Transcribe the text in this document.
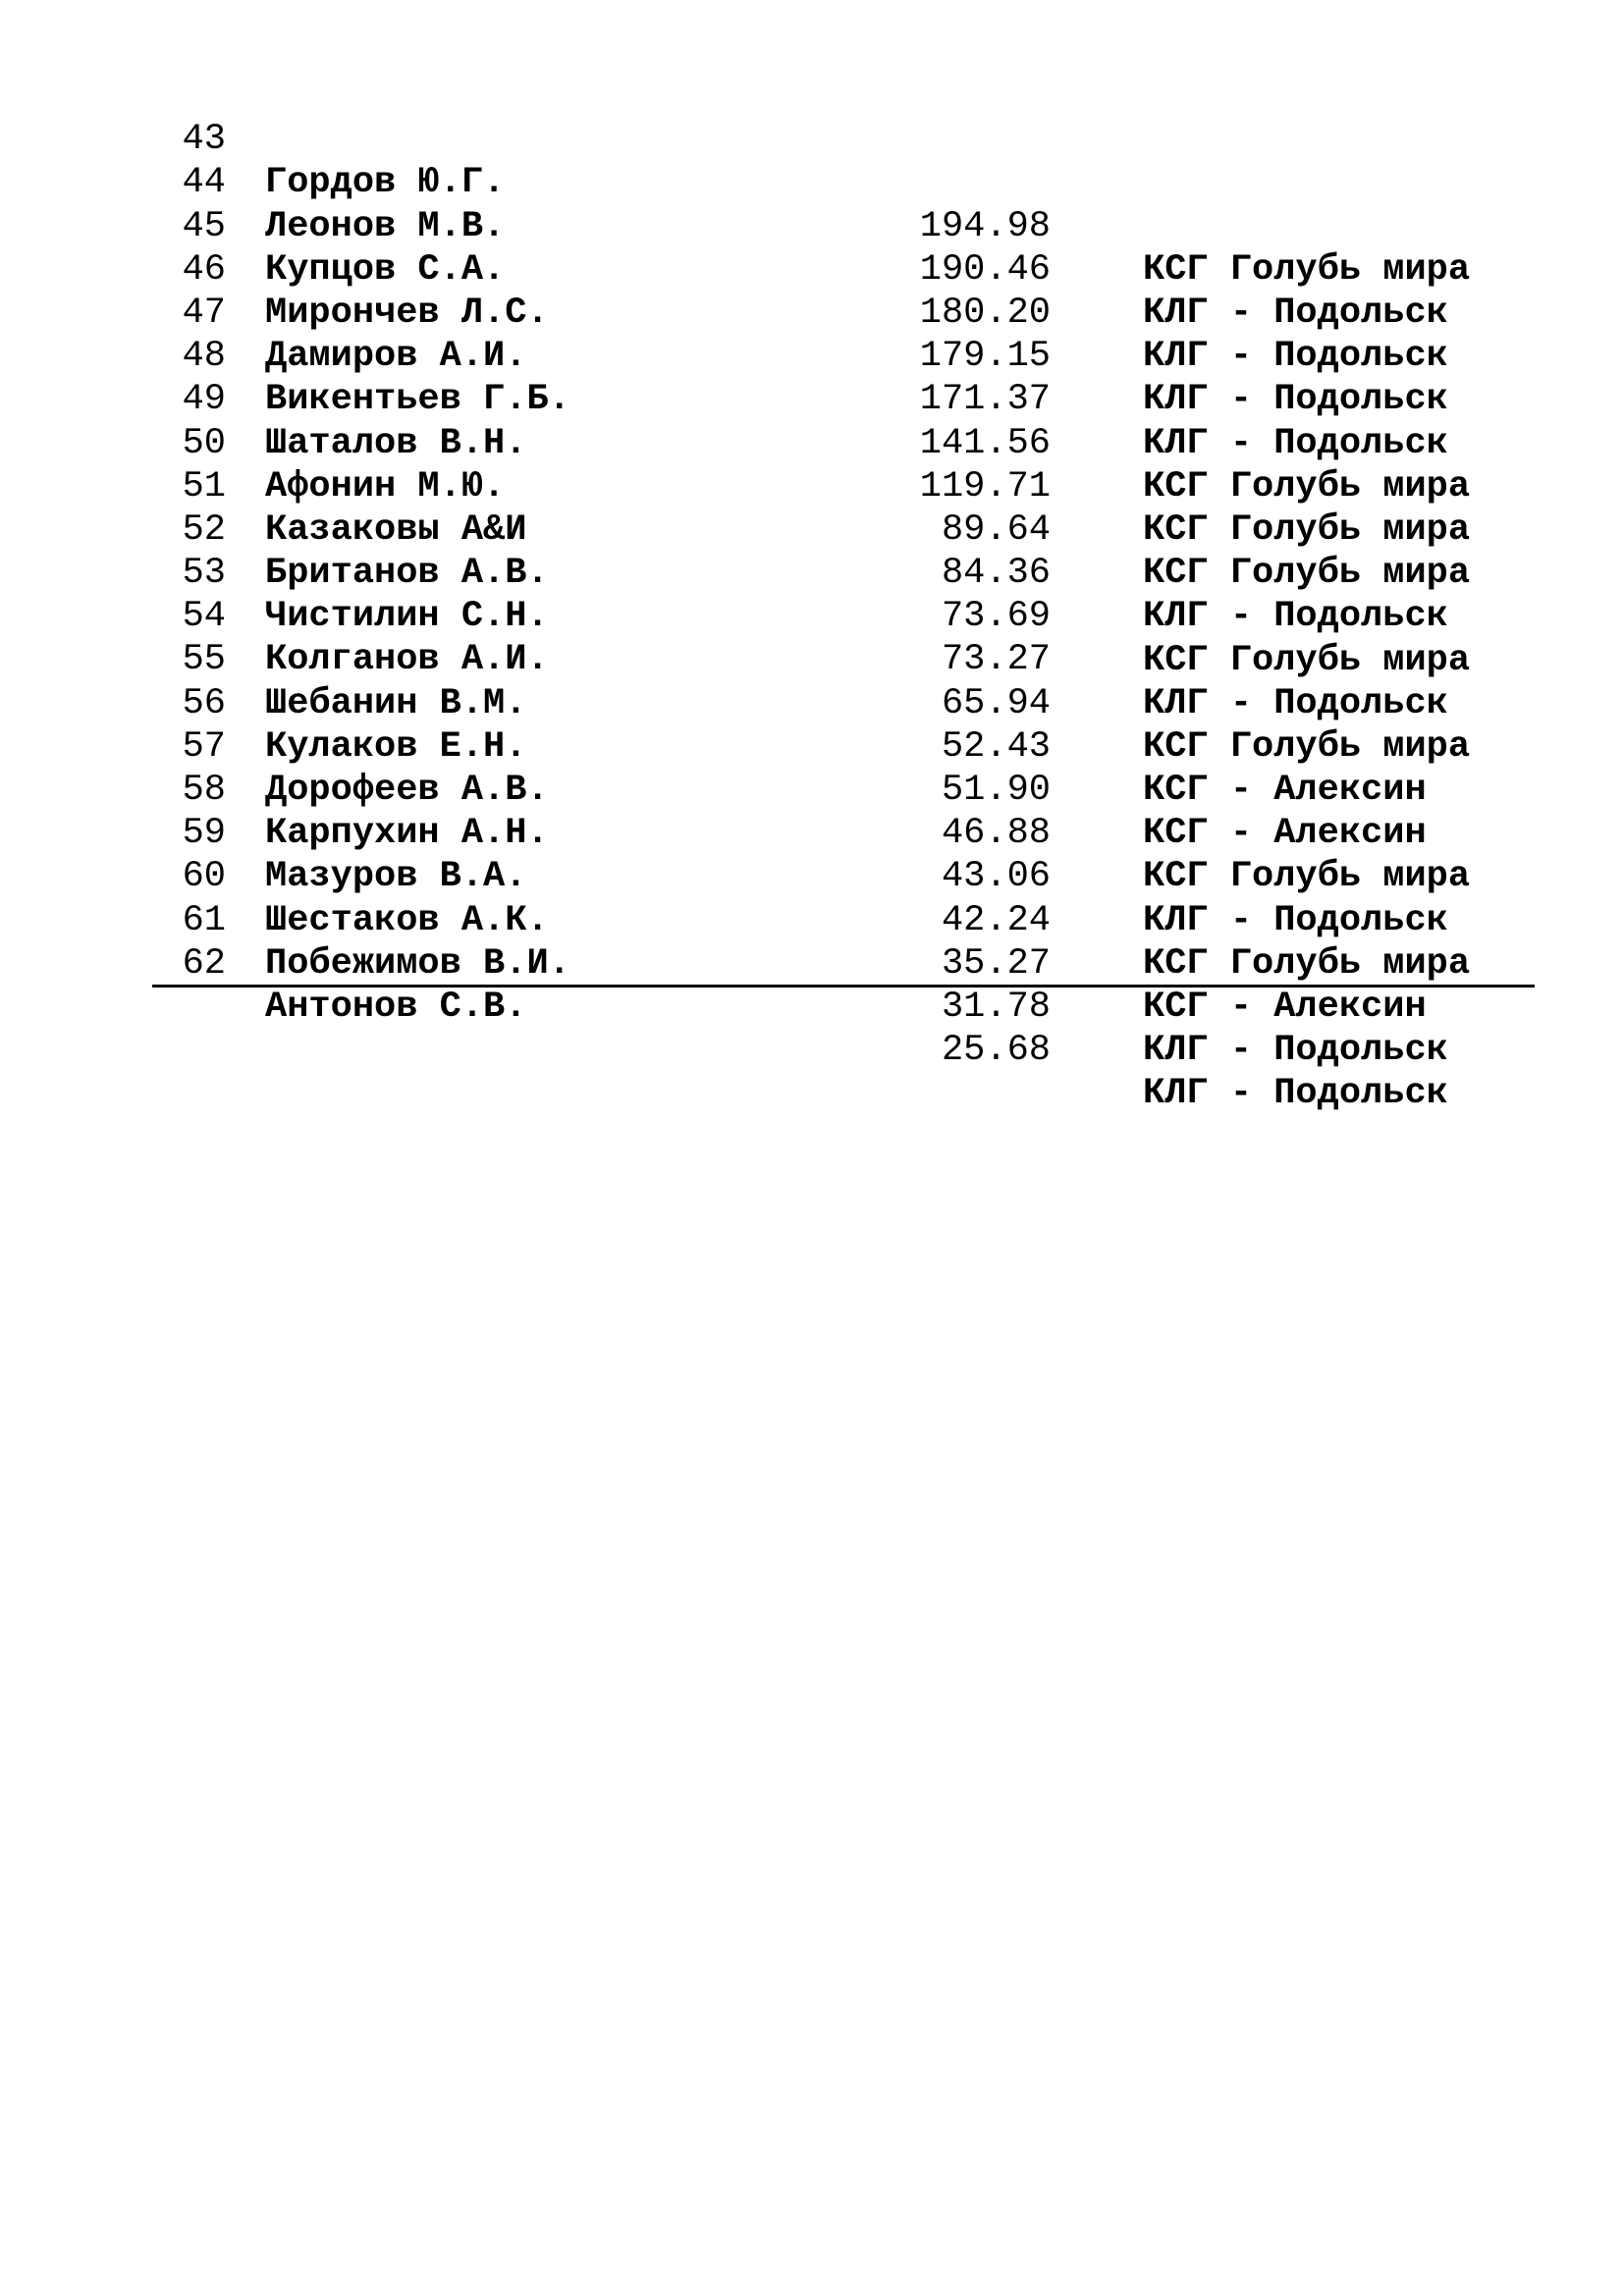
43

Гордов Ю.Г.

194.98

КСГ Голубь мира

44

Леонов М.В.

190.46

КЛГ - Подольск

45

Купцов С.А.

180.20

КЛГ - Подольск

46

Мирончев Л.С.

179.15

КЛГ - Подольск

47

Дамиров А.И.

171.37

КЛГ - Подольск

48

Викентьев Г.Б.

141.56

КСГ Голубь мира

49

Шаталов В.Н.

119.71

КСГ Голубь мира

50

Афонин М.Ю.

89.64

КСГ Голубь мира

51

Казаковы А&И

84.36

КЛГ - Подольск

52

Британов А.В.

73.69

КСГ Голубь мира

53

Чистилин С.Н.

73.27

КЛГ - Подольск

54

Колганов А.И.

65.94

КСГ Голубь мира

55

Шебанин В.М.

52.43

КСГ - Алексин

56

Кулаков Е.Н.

51.90

КСГ - Алексин

57

Дорофеев А.В.

46.88

КСГ Голубь мира

58

Карпухин А.Н.

43.06

КЛГ - Подольск

59

Мазуров В.А.

42.24

КСГ Голубь мира

60

Шестаков А.К.

35.27

КСГ - Алексин

61

Побежимов В.И.

31.78

КЛГ - Подольск

62

Антонов С.В.

25.68

КЛГ - Подольск
